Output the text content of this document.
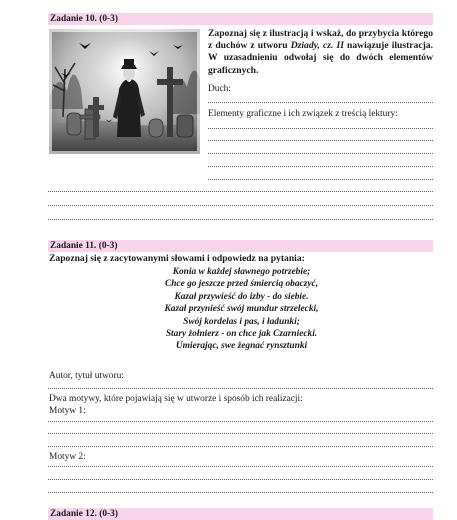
Zadanie 10. (0-3)

Zapoznaj się z ilustracją i wskaż, do przybycia którego z duchów z utworu Dziady, cz. II nawiązuje ilustracja. W uzasadnieniu odwołaj się do dwóch elementów graficznych.

Duch:
Elementy graficzne i ich związek z treścią lektury:
Zadanie 11. (0-3)
Zapoznaj się z zacytowanymi słowami i odpowiedz na pytania:
Konia w każdej sławnego potrzebie;
Chce go jeszcze przed śmiercią obaczyć,
Kazał przywieść do izby - do siebie.
Kazał przynieść swój mundur strzelecki,
Swój kordelas i pas, i ładunki;
Stary żołnierz - on chce jak Czarniecki.
Umierając, swe żegnać rynsztunki
Autor, tytuł utworu:
Dwa motywy, które pojawiają się w utworze i sposób ich realizacji:
Motyw 1:
Motyw 2:
Zadanie 12. (0-3)
